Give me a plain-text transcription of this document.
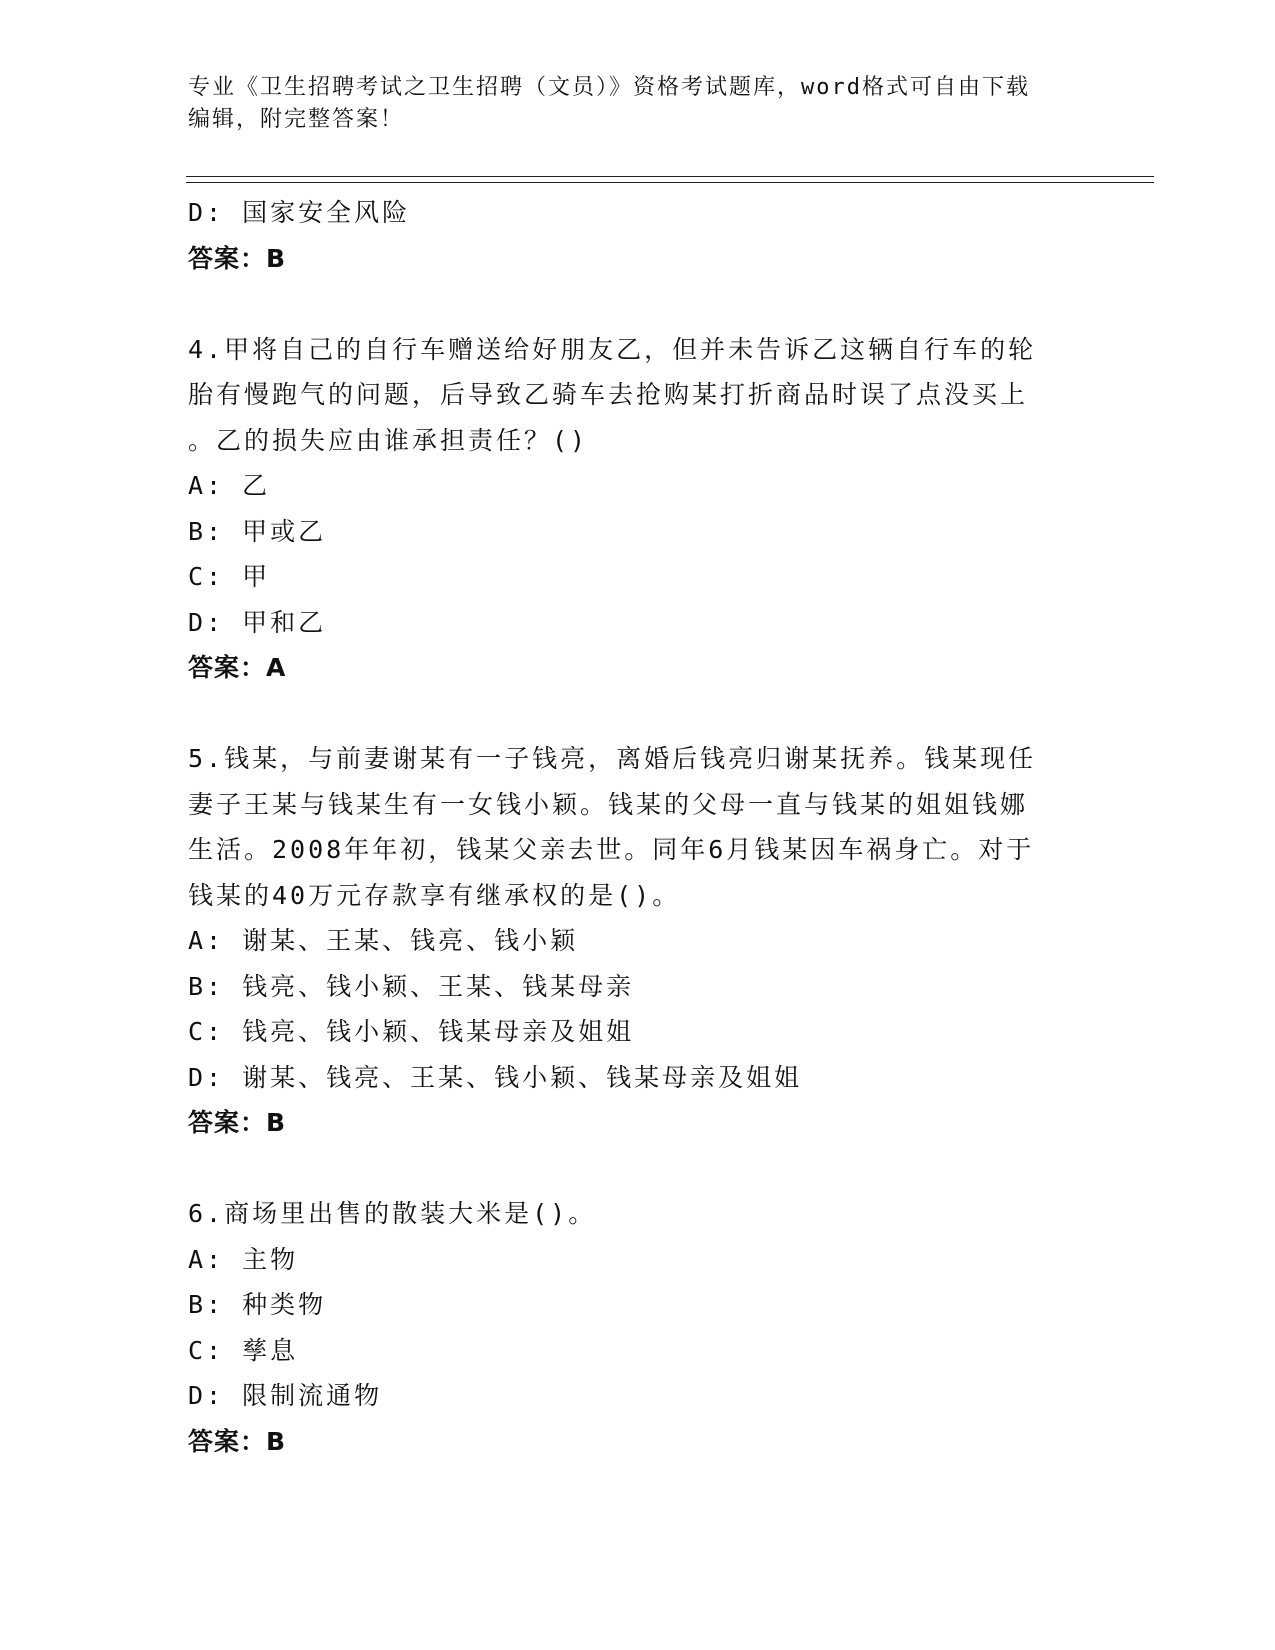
专业《卫生招聘考试之卫生招聘（文员）》资格考试题库，word格式可自由下载
编辑，附完整答案！
D: 国家安全风险
答案：B
4.甲将自己的自行车赠送给好朋友乙，但并未告诉乙这辆自行车的轮
胎有慢跑气的问题，后导致乙骑车去抢购某打折商品时误了点没买上
。乙的损失应由谁承担责任？()
A: 乙
B: 甲或乙
C: 甲
D: 甲和乙
答案：A
5.钱某，与前妻谢某有一子钱亮，离婚后钱亮归谢某抚养。钱某现任
妻子王某与钱某生有一女钱小颖。钱某的父母一直与钱某的姐姐钱娜
生活。2008年年初，钱某父亲去世。同年6月钱某因车祸身亡。对于
钱某的40万元存款享有继承权的是()。
A: 谢某、王某、钱亮、钱小颖
B: 钱亮、钱小颖、王某、钱某母亲
C: 钱亮、钱小颖、钱某母亲及姐姐
D: 谢某、钱亮、王某、钱小颖、钱某母亲及姐姐
答案：B
6.商场里出售的散装大米是()。
A: 主物
B: 种类物
C: 孳息
D: 限制流通物
答案：B
